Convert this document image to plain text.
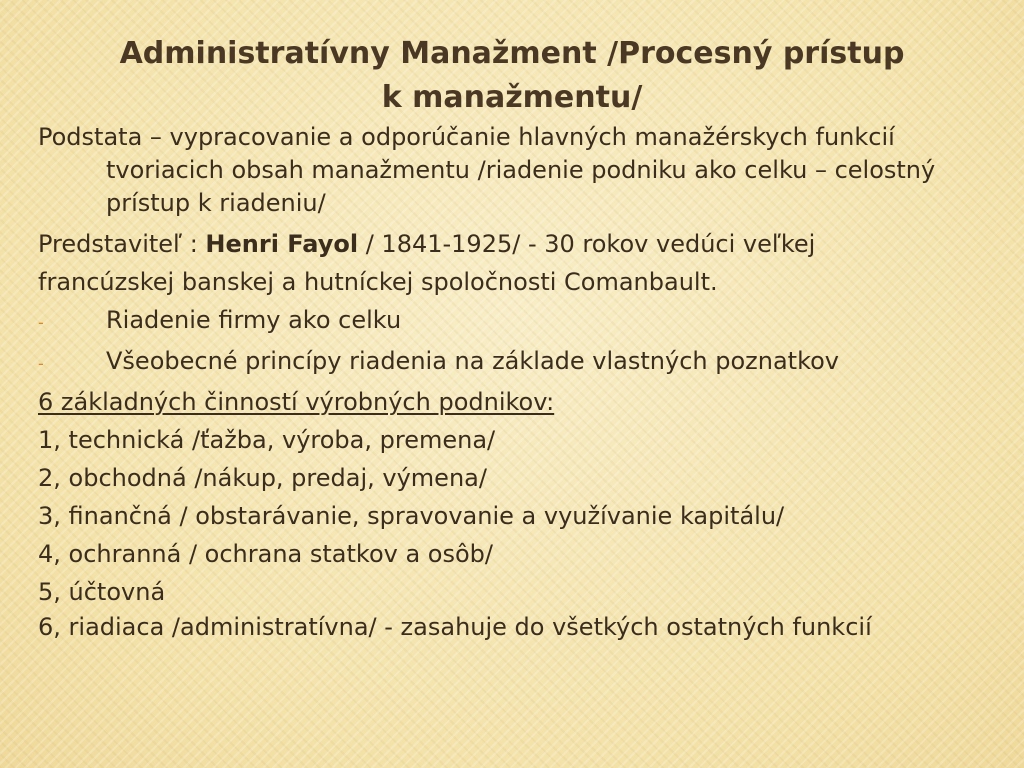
Administratívny Manažment /Procesný prístup
k manažmentu/
Podstata – vypracovanie a odporúčanie hlavných manažérskych funkcií tvoriacich obsah manažmentu /riadenie podniku ako celku – celostný prístup k riadeniu/
Predstaviteľ : Henri Fayol / 1841-1925/ - 30 rokov vedúci veľkej
francúzskej banskej a hutníckej spoločnosti Comanbault.
-	Riadenie firmy ako celku
-	Všeobecné princípy riadenia na základe vlastných poznatkov
6 základných činností výrobných podnikov:
1, technická /ťažba, výroba, premena/
2, obchodná /nákup, predaj, výmena/
3, finančná / obstarávanie, spravovanie a využívanie kapitálu/
4, ochranná / ochrana statkov a osôb/
5, účtovná
6, riadiaca /administratívna/ - zasahuje do všetkých ostatných funkcií
